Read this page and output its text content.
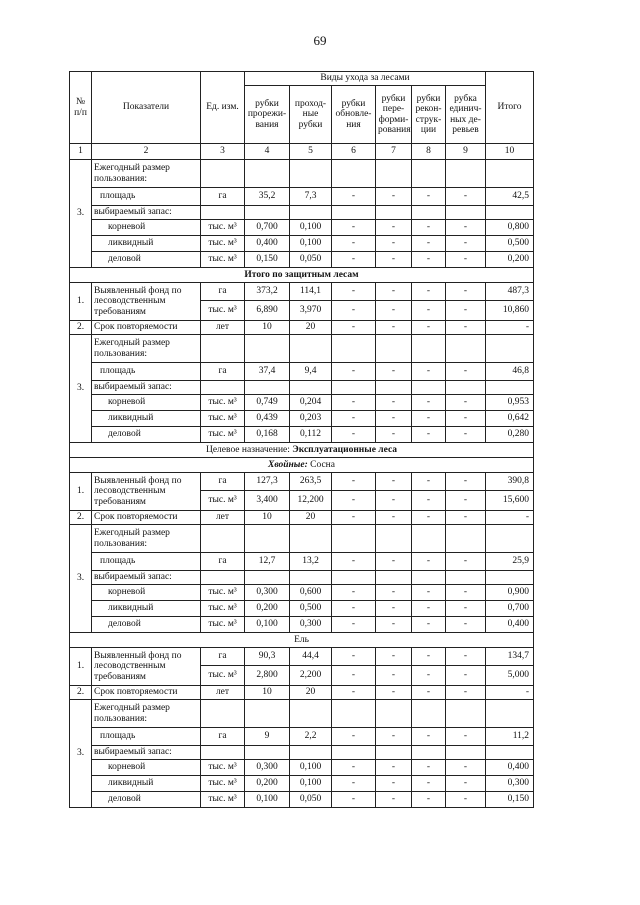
69
№ п/п	Показатели	Ед. изм.	Виды ухода за лесами						Итого
			рубки прорежи-вания	проход-ные рубки	рубки обновле-ния	рубки пере-форми-рования	рубки рекон-струк-ции	рубка единич-ных де-ревьев	
1	2	3	4	5	6	7	8	9	10
3.	Ежегодный размер пользования:								
	площадь	га	35,2	7,3	-	-	-	-	42,5
	выбираемый запас:								
	корневой	тыс. м³	0,700	0,100	-	-	-	-	0,800
	ликвидный	тыс. м³	0,400	0,100	-	-	-	-	0,500
	деловой	тыс. м³	0,150	0,050	-	-	-	-	0,200
Итого по защитным лесам									
1.	Выявленный фонд по лесоводственным требованиям	га	373,2	114,1	-	-	-	-	487,3
		тыс. м³	6,890	3,970	-	-	-	-	10,860
2.	Срок повторяемости	лет	10	20	-	-	-	-	-
3.	Ежегодный размер пользования:								
	площадь	га	37,4	9,4	-	-	-	-	46,8
	выбираемый запас:								
	корневой	тыс. м³	0,749	0,204	-	-	-	-	0,953
	ликвидный	тыс. м³	0,439	0,203	-	-	-	-	0,642
	деловой	тыс. м³	0,168	0,112	-	-	-	-	0,280
Целевое назначение: Эксплуатационные леса									
Хвойные: Сосна									
1.	Выявленный фонд по лесоводственным требованиям	га	127,3	263,5	-	-	-	-	390,8
		тыс. м³	3,400	12,200	-	-	-	-	15,600
2.	Срок повторяемости	лет	10	20	-	-	-	-	-
3.	Ежегодный размер пользования:								
	площадь	га	12,7	13,2	-	-	-	-	25,9
	выбираемый запас:								
	корневой	тыс. м³	0,300	0,600	-	-	-	-	0,900
	ликвидный	тыс. м³	0,200	0,500	-	-	-	-	0,700
	деловой	тыс. м³	0,100	0,300	-	-	-	-	0,400
Ель									
1.	Выявленный фонд по лесоводственным требованиям	га	90,3	44,4	-	-	-	-	134,7
		тыс. м³	2,800	2,200	-	-	-	-	5,000
2.	Срок повторяемости	лет	10	20	-	-	-	-	-
3.	Ежегодный размер пользования:								
	площадь	га	9	2,2	-	-	-	-	11,2
	выбираемый запас:								
	корневой	тыс. м³	0,300	0,100	-	-	-	-	0,400
	ликвидный	тыс. м³	0,200	0,100	-	-	-	-	0,300
	деловой	тыс. м³	0,100	0,050	-	-	-	-	0,150
